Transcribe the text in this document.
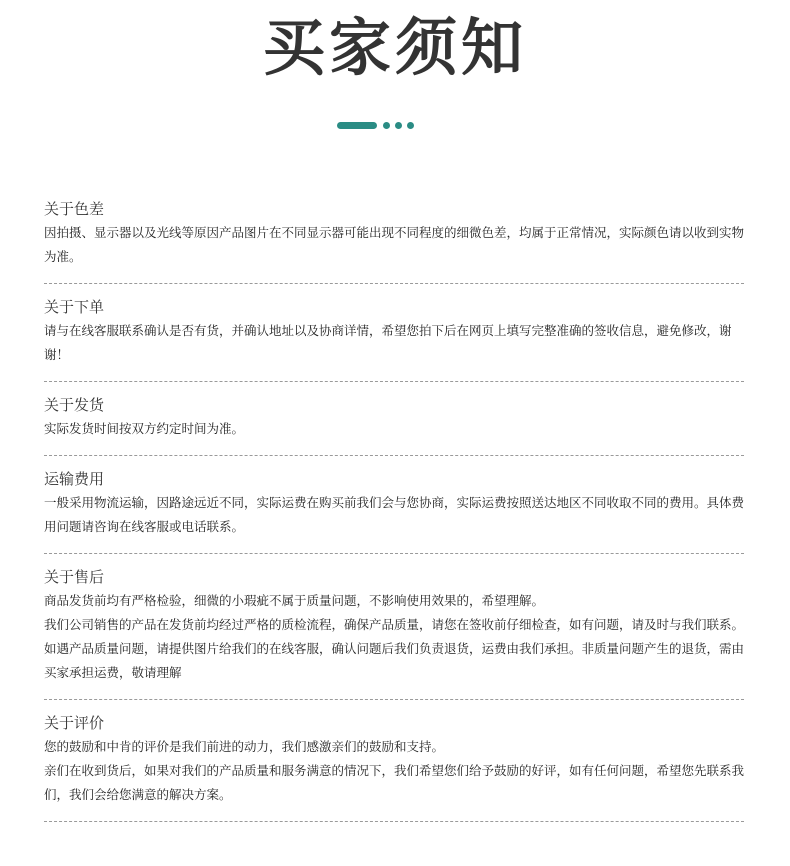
买家须知
关于色差

因拍摄、显示器以及光线等原因产品图片在不同显示器可能出现不同程度的细微色差，均属于正常情况，实际颜色请以收到实物为准。

关于下单

请与在线客服联系确认是否有货，并确认地址以及协商详情，希望您拍下后在网页上填写完整准确的签收信息，避免修改，谢谢！

关于发货

实际发货时间按双方约定时间为准。

运输费用

一般采用物流运输，因路途远近不同，实际运费在购买前我们会与您协商，实际运费按照送达地区不同收取不同的费用。具体费用问题请咨询在线客服或电话联系。

关于售后

商品发货前均有严格检验，细微的小瑕疵不属于质量问题，不影响使用效果的，希望理解。

我们公司销售的产品在发货前均经过严格的质检流程，确保产品质量，请您在签收前仔细检查，如有问题，请及时与我们联系。

如遇产品质量问题，请提供图片给我们的在线客服，确认问题后我们负责退货，运费由我们承担。非质量问题产生的退货，需由买家承担运费，敬请理解

关于评价

您的鼓励和中肯的评价是我们前进的动力，我们感激亲们的鼓励和支持。

亲们在收到货后，如果对我们的产品质量和服务满意的情况下，我们希望您们给予鼓励的好评，如有任何问题，希望您先联系我们，我们会给您满意的解决方案。
